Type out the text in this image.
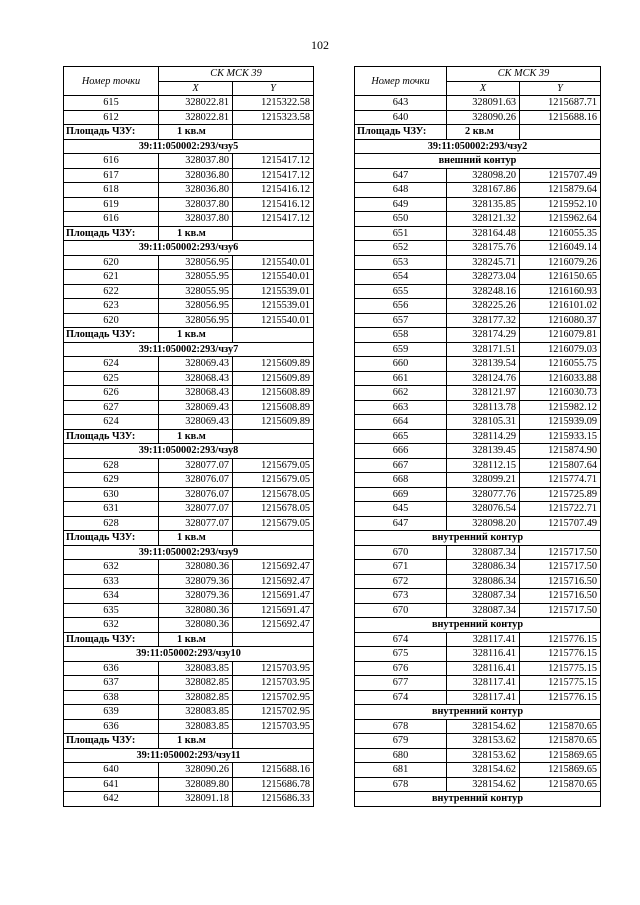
102
Номер точки	СК МСК 39	
	X	Y
615	328022.81	1215322.58
612	328022.81	1215323.58
Площадь ЧЗУ:	1 кв.м	
39:11:050002:293/чзу5		
616	328037.80	1215417.12
617	328036.80	1215417.12
618	328036.80	1215416.12
619	328037.80	1215416.12
616	328037.80	1215417.12
Площадь ЧЗУ:	1 кв.м	
39:11:050002:293/чзу6		
620	328056.95	1215540.01
621	328055.95	1215540.01
622	328055.95	1215539.01
623	328056.95	1215539.01
620	328056.95	1215540.01
Площадь ЧЗУ:	1 кв.м	
39:11:050002:293/чзу7		
624	328069.43	1215609.89
625	328068.43	1215609.89
626	328068.43	1215608.89
627	328069.43	1215608.89
624	328069.43	1215609.89
Площадь ЧЗУ:	1 кв.м	
39:11:050002:293/чзу8		
628	328077.07	1215679.05
629	328076.07	1215679.05
630	328076.07	1215678.05
631	328077.07	1215678.05
628	328077.07	1215679.05
Площадь ЧЗУ:	1 кв.м	
39:11:050002:293/чзу9		
632	328080.36	1215692.47
633	328079.36	1215692.47
634	328079.36	1215691.47
635	328080.36	1215691.47
632	328080.36	1215692.47
Площадь ЧЗУ:	1 кв.м	
39:11:050002:293/чзу10		
636	328083.85	1215703.95
637	328082.85	1215703.95
638	328082.85	1215702.95
639	328083.85	1215702.95
636	328083.85	1215703.95
Площадь ЧЗУ:	1 кв.м	
39:11:050002:293/чзу11		
640	328090.26	1215688.16
641	328089.80	1215686.78
642	328091.18	1215686.33
Номер точки	СК МСК 39	
	X	Y
643	328091.63	1215687.71
640	328090.26	1215688.16
Площадь ЧЗУ:	2 кв.м	
39:11:050002:293/чзу2		
внешний контур		
647	328098.20	1215707.49
648	328167.86	1215879.64
649	328135.85	1215952.10
650	328121.32	1215962.64
651	328164.48	1216055.35
652	328175.76	1216049.14
653	328245.71	1216079.26
654	328273.04	1216150.65
655	328248.16	1216160.93
656	328225.26	1216101.02
657	328177.32	1216080.37
658	328174.29	1216079.81
659	328171.51	1216079.03
660	328139.54	1216055.75
661	328124.76	1216033.88
662	328121.97	1216030.73
663	328113.78	1215982.12
664	328105.31	1215939.09
665	328114.29	1215933.15
666	328139.45	1215874.90
667	328112.15	1215807.64
668	328099.21	1215774.71
669	328077.76	1215725.89
645	328076.54	1215722.71
647	328098.20	1215707.49
внутренний контур		
670	328087.34	1215717.50
671	328086.34	1215717.50
672	328086.34	1215716.50
673	328087.34	1215716.50
670	328087.34	1215717.50
внутренний контур		
674	328117.41	1215776.15
675	328116.41	1215776.15
676	328116.41	1215775.15
677	328117.41	1215775.15
674	328117.41	1215776.15
внутренний контур		
678	328154.62	1215870.65
679	328153.62	1215870.65
680	328153.62	1215869.65
681	328154.62	1215869.65
678	328154.62	1215870.65
внутренний контур		
